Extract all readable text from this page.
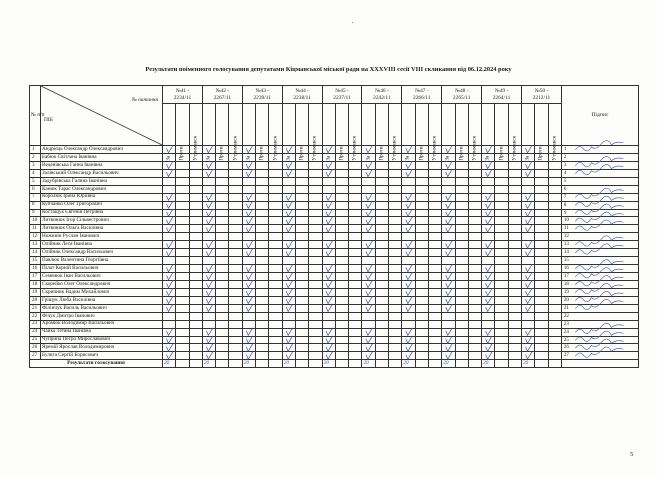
Результати поіменного голосування депутатами Кіцманської міської ради на XXXVIII сесії VIII скликання від 06.12.2024 року
№ п/п	№ питання
ПІБ	№41 - 2234/11			№42 - 2267/11			№43 - 2239/11			№44 - 2238/11			№45 - 2237/11			№46 - 2242/11			№47 - 2266/11			№48 - 2265/11			№49 - 2264/11			№50 - 2212/11			Підпис

		За	Проти	Утримався	За	Проти	Утримався	За	Проти	Утримався	За	Проти	Утримався	За	Проти	Утримався	За	Проти	Утримався	За	Проти	Утримався	За	Проти	Утримався	За	Проти	Утримався	За	Проти	Утримався	

1	Андрієць Олександр Олександрович																															1

2	Бабюк Світлана Іванівна																															2

3	Веденівська Ганна Іванівна																															3

4	Залівський Олександр Васильович																															4

5	Задубрівська Галина Іванівна																															5

6	Канюк Тарас Олександрович																															6

7	Королюк Ірина Юріївна																															7

8	Купчанко Олег Григорович																															8

9	Костащук Євгенія Петрівна																															9

10	Литвинюк Ігор Сільвестрович																															10

11	Литвинюк Ольга Василівна																															11

12	Ножинін Руслан Іванович																															12

13	Олійник Леся Іванівна																															13

14	Олійник Олександр Васильович																															14

15	Павлюк Валентина Георгіївна																															15

16	Пілат Корній Васильович																															16

17	Семенюк Іван Васильович																															17

18	Скорейко Олег Олександрович																															18

19	Скрипник Вадим Михайлович																															19

20	Гріщук Люба Василівна																															20

21	Філінчук Василь Васильович																															21

22	Фічук Дмитро Іванович																															22

23	Хромюк Володимир Васильович																															23

24	Чайка Тетяна Іванівна																															24

25	Чуприна Петро Мирославович																															25

26	Яремій Ярослав Володимирович																															26

27	Булига Сергій Борисович																															27

Результати голосування		20			20			20			20			20			20			20			20			20			20			
5
